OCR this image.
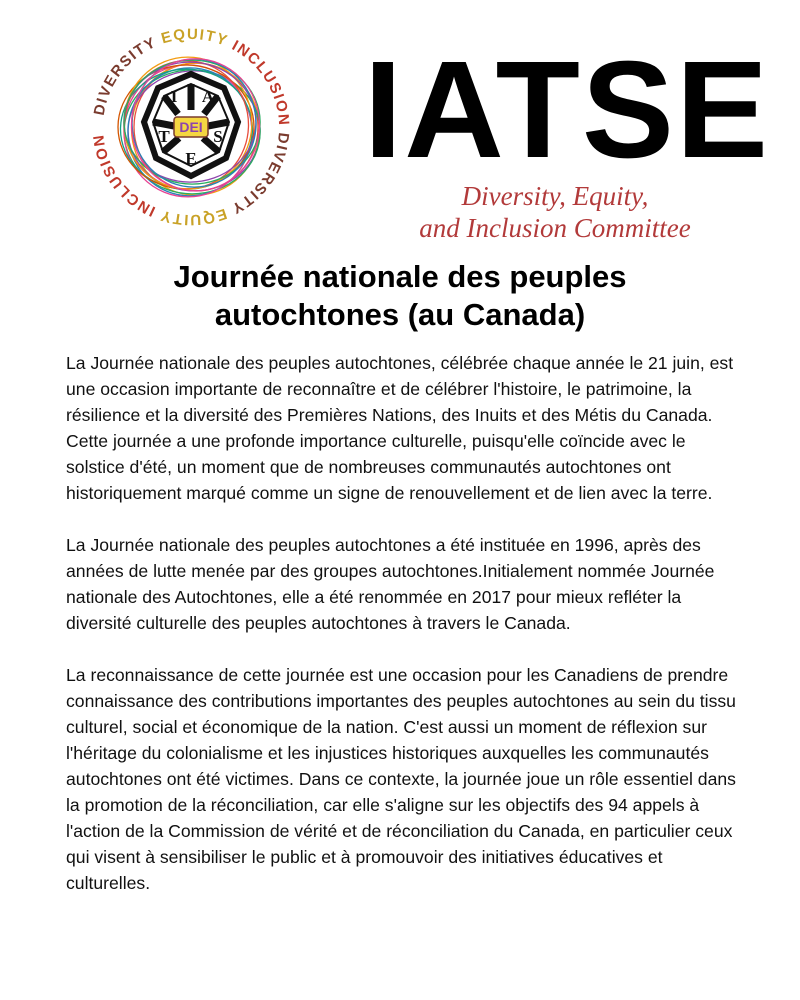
DIVERSITY EQUITY INCLUSION DIVERSITY EQUITY INCLUSION
I A
T	S
E
DEI	IATSE

Diversity, Equity,

and Inclusion Committee

Journée nationale des peuples
autochtones (au Canada)

La Journée nationale des peuples autochtones, célébrée chaque année le 21 juin, est une occasion importante de reconnaître et de célébrer l'histoire, le patrimoine, la résilience et la diversité des Premières Nations, des Inuits et des Métis du Canada. Cette journée a une profonde importance culturelle, puisqu'elle coïncide avec le solstice d'été, un moment que de nombreuses communautés autochtones ont historiquement marqué comme un signe de renouvellement et de lien avec la terre.

La Journée nationale des peuples autochtones a été instituée en 1996, après des années de lutte menée par des groupes autochtones.Initialement nommée Journée nationale des Autochtones, elle a été renommée en 2017 pour mieux refléter la diversité culturelle des peuples autochtones à travers le Canada.

La reconnaissance de cette journée est une occasion pour les Canadiens de prendre connaissance des contributions importantes des peuples autochtones au sein du tissu culturel, social et économique de la nation. C'est aussi un moment de réflexion sur l'héritage du colonialisme et les injustices historiques auxquelles les communautés autochtones ont été victimes. Dans ce contexte, la journée joue un rôle essentiel dans la promotion de la réconciliation, car elle s'aligne sur les objectifs des 94 appels à l'action de la Commission de vérité et de réconciliation du Canada, en particulier ceux qui visent à sensibiliser le public et à promouvoir des initiatives éducatives et culturelles.
